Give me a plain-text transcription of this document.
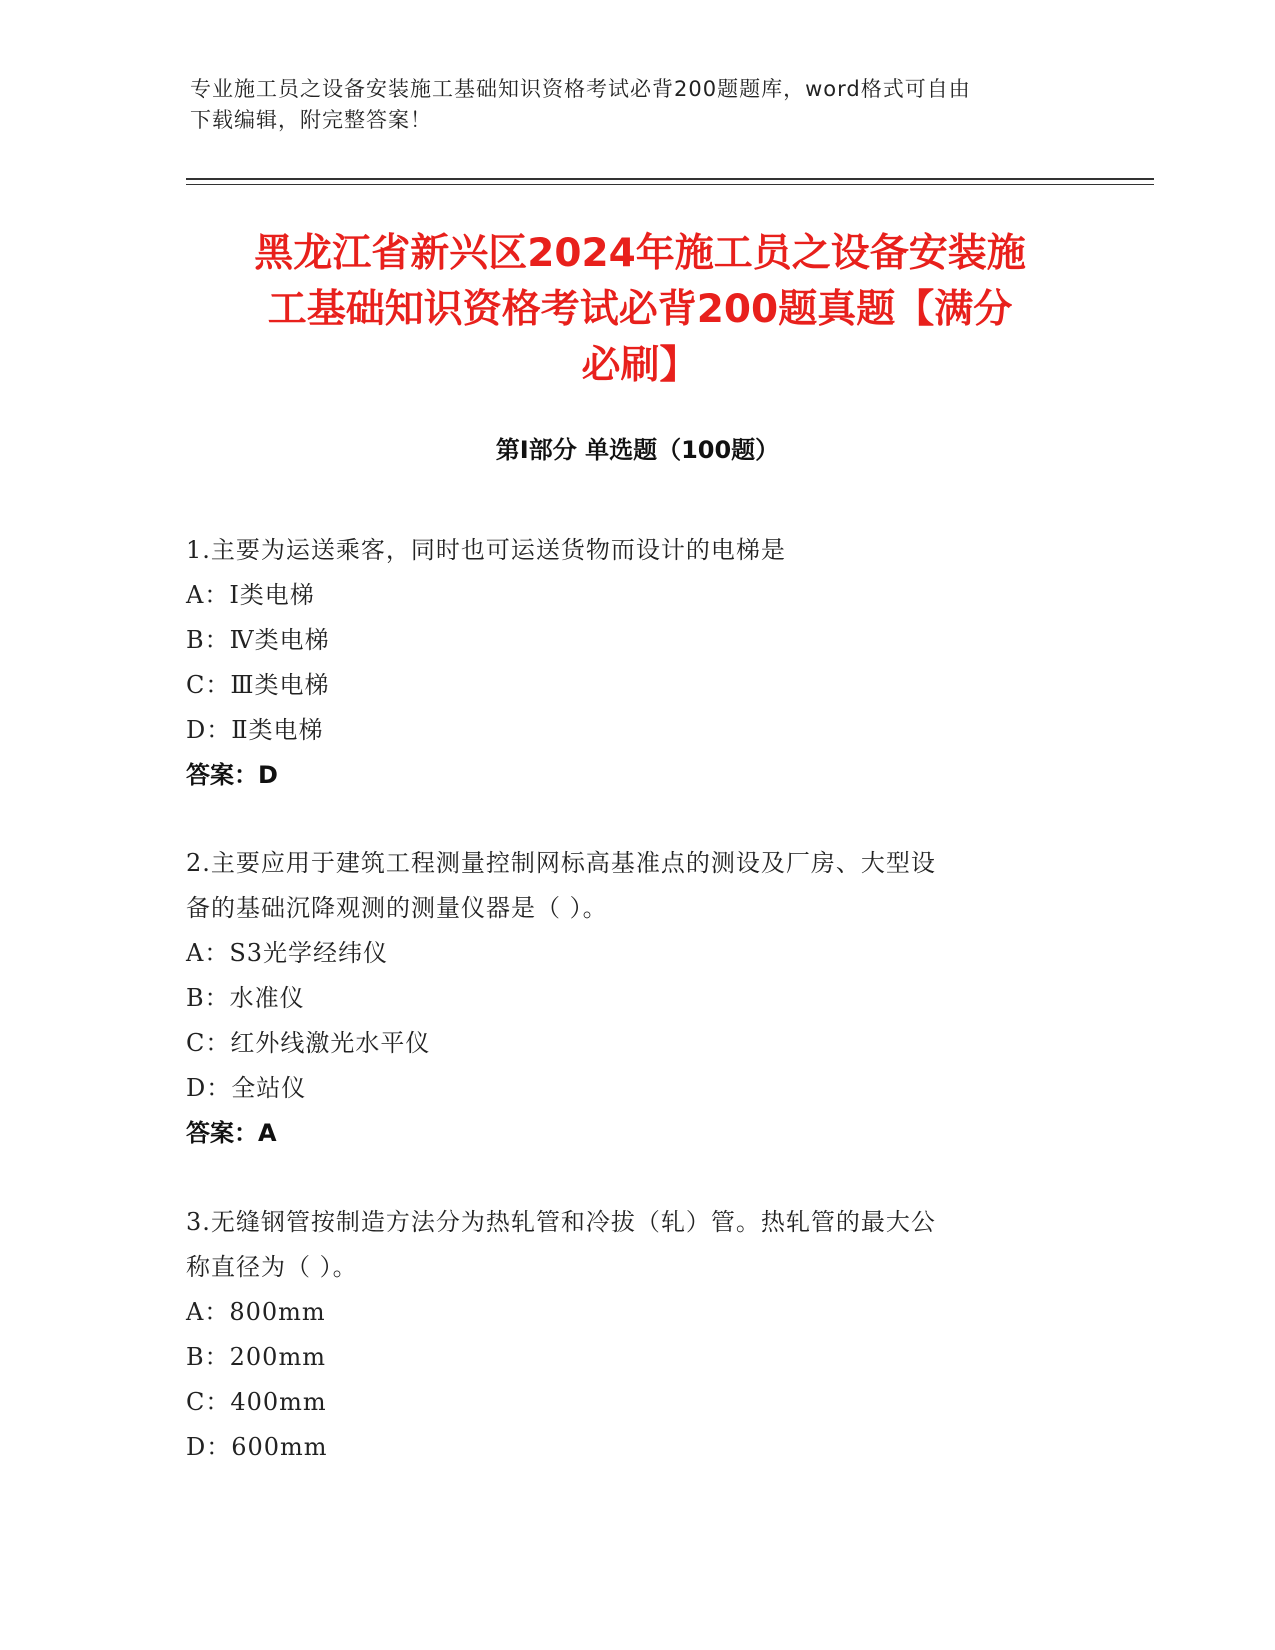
专业施工员之设备安装施工基础知识资格考试必背200题题库，word格式可自由
下载编辑，附完整答案！
黑龙江省新兴区2024年施工员之设备安装施
工基础知识资格考试必背200题真题【满分
必刷】
第Ⅰ部分 单选题（100题）
1.主要为运送乘客，同时也可运送货物而设计的电梯是
A：Ⅰ类电梯
B：Ⅳ类电梯
C：Ⅲ类电梯
D：Ⅱ类电梯
答案：D
2.主要应用于建筑工程测量控制网标高基准点的测设及厂房、大型设
备的基础沉降观测的测量仪器是（ ）。
A：S3光学经纬仪
B：水准仪
C：红外线激光水平仪
D：全站仪
答案：A
3.无缝钢管按制造方法分为热轧管和冷拔（轧）管。热轧管的最大公
称直径为（ ）。
A：800mm
B：200mm
C：400mm
D：600mm
